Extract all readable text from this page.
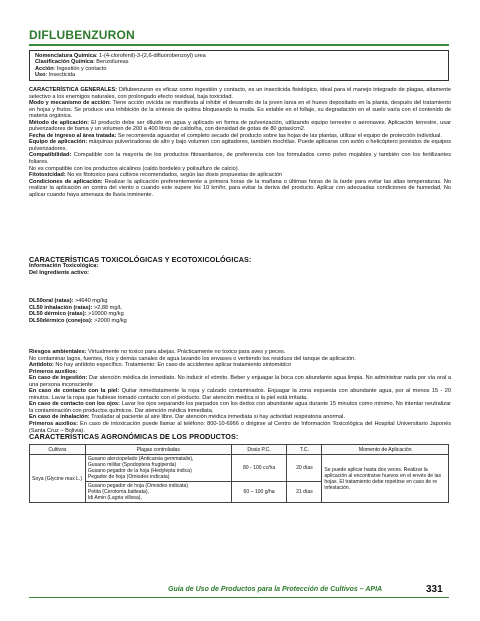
DIFLUBENZURON
Nomenclatura Química: 1-(4-clorofenil)-3-(2,6-difluorobenzoyl) urea
Clasificación Química: Benzoilureas
Acción: Ingestión y contacto
Uso: Insecticida

CARACTERÍSTICA GENERALES: Diflubenzuron es eficaz como ingestión y contacto, es un insecticida fisiológico, ideal para el manejo integrado de plagas, altamente selectivo a los enemigos naturales, con prolongado efecto residual, baja toxicidad.

Modo y mecanismo de acción: Tiene acción ovicida se manifiesta al inhibir el desarrollo de la joven larva en el huevo depositado en la planta, después del tratamiento en hojas y frutos. Se produce una inhibición de la síntesis de quitina bloqueando la muda. Es estable en el follaje, su degradación en el suelo varía con el contenido de materia orgánica.

Método de aplicación: El producto debe ser diluido en agua y aplicado en forma de pulverización, utilizando equipo terrestre o aeronaves. Aplicación terrestre, usar pulverizadores de bama y un volumen de 200 a 400 litros de caldo/ha, con densidad de gotas de 80 gotas/cm2.

Fecha de ingreso al área tratada: Se recomienda aguardar el completo secado del producto sobre las hojas de las plantas, utilizar el equipo de protección individual.

Equipo de aplicación: máquinas pulverizadoras de alto y bajo volumen con agitadores, también mochilas. Puede aplicarse con avión o helicóptero provistos de equipos pulverizadores.

Compatibilidad: Compatible con la mayoría de los productos fitosanitarios, de preferencia con los formulados como polvo mojables y también con los fertilizantes foliares.

No es compatible con los productos alcalinos (caldo bordelés y polisulfuro de calcio).

Fitotoxicidad: No es fitotoxico para cultivos recomendados, según las dosis propuestas de aplicación

Condiciones de aplicación: Realizar la aplicación preferentemente a primera horas de la mañana o últimas horas de la tarde para evitar las altas temperaturas. No realizar la aplicación en contra del viento o cuando este supere los 10 km/hr, para evitar la deriva del producto. Aplicar con adecuadas condiciones de humedad, No aplicar cuando haya amenaza de lluvia inminente.

CARACTERÍSTICAS TOXICOLÓGICAS Y ECOTOXICOLÓGICAS:

Información Toxicológica:

Del Ingrediente activo:

DL50oral (ratas): >4640 mg/kg

CL50 inhalación (ratas): >2,88 mg/L

DL50 dérmico (ratas): >10000 mg/kg

DL50dérmico (conejos): >2000 mg/kg

Riesgos ambientales: Virtualmente no toxico para abejas. Prácticamente no toxico para aves y peces.

No contaminar lagos, fuentes, ríos y demás canales de agua lavando los envases o vertiendo los residuos del tanque de aplicación.

Antídoto: No hay antídoto específico. Tratamiento: En caso de accidentes aplicar tratamiento sintomático

Primeros auxilios:

En caso de ingestión: Dar atención médica de inmediato. No inducir el vómito. Beber y enjuagar la boca con abundante agua limpia. No administrar nada por vía oral a una persona inconsciente

En caso de contacto con la piel: Quitar inmediatamente la ropa y calzado contaminados. Enjuagar la zona expuesta con abundante agua, por al menos 15 - 20 minutos. Lavar la ropa que hubiese tomado contacto con el producto. Dar atención médica si la piel está irritada.

En caso de contacto con los ojos: Lavar los ojos separando los parpados con los dedos con abundante agua durante 15 minutos como mínimo. No intentar neutralizar la contaminación con productos químicos. Dar atención médica inmediata.

En caso de inhalación: Trasladar al paciente al aire libre. Dar atención médica inmediata si hay actividad respiratoria anormal.

Primeros auxilios: En caso de intoxicación puede llamar al teléfono: 800-10-6966 o dirigirse al Centro de Información Toxicológica del Hospital Universitario Japonés (Santa Cruz – Bolivia).

CARACTERÍSTICAS AGRONÓMICAS DE LOS PRODUCTOS:
Cultivos	Plagas controladas	Dosis P.C.	T.C.	Momento de Aplicación
Soya (Glycine max L.)	Gusano alerciopelado (Anticarsia gemmatalis),
Gusano militar (Spodoptera frugiperda)
Gusano pegador de la hoja (Hedylepta indica)
Pegador de hoja (Omiodes indicata)	80 - 100 cc/ha	20 días	Se puede aplicar hasta dos veces. Realizar la aplicación al encontrarse huevos en el envés de las hojas. El tratamiento debe repetirse en caso de re infestación.

	Gusano pegador de hoja (Omoides indicata)
Petita (Cerotoma balteata),
Idi Amin (Lagria villosa),	60 – 100 g/ha	21 días	
Guía de Uso de Productos para la Protección de Cultivos – APIA	331
